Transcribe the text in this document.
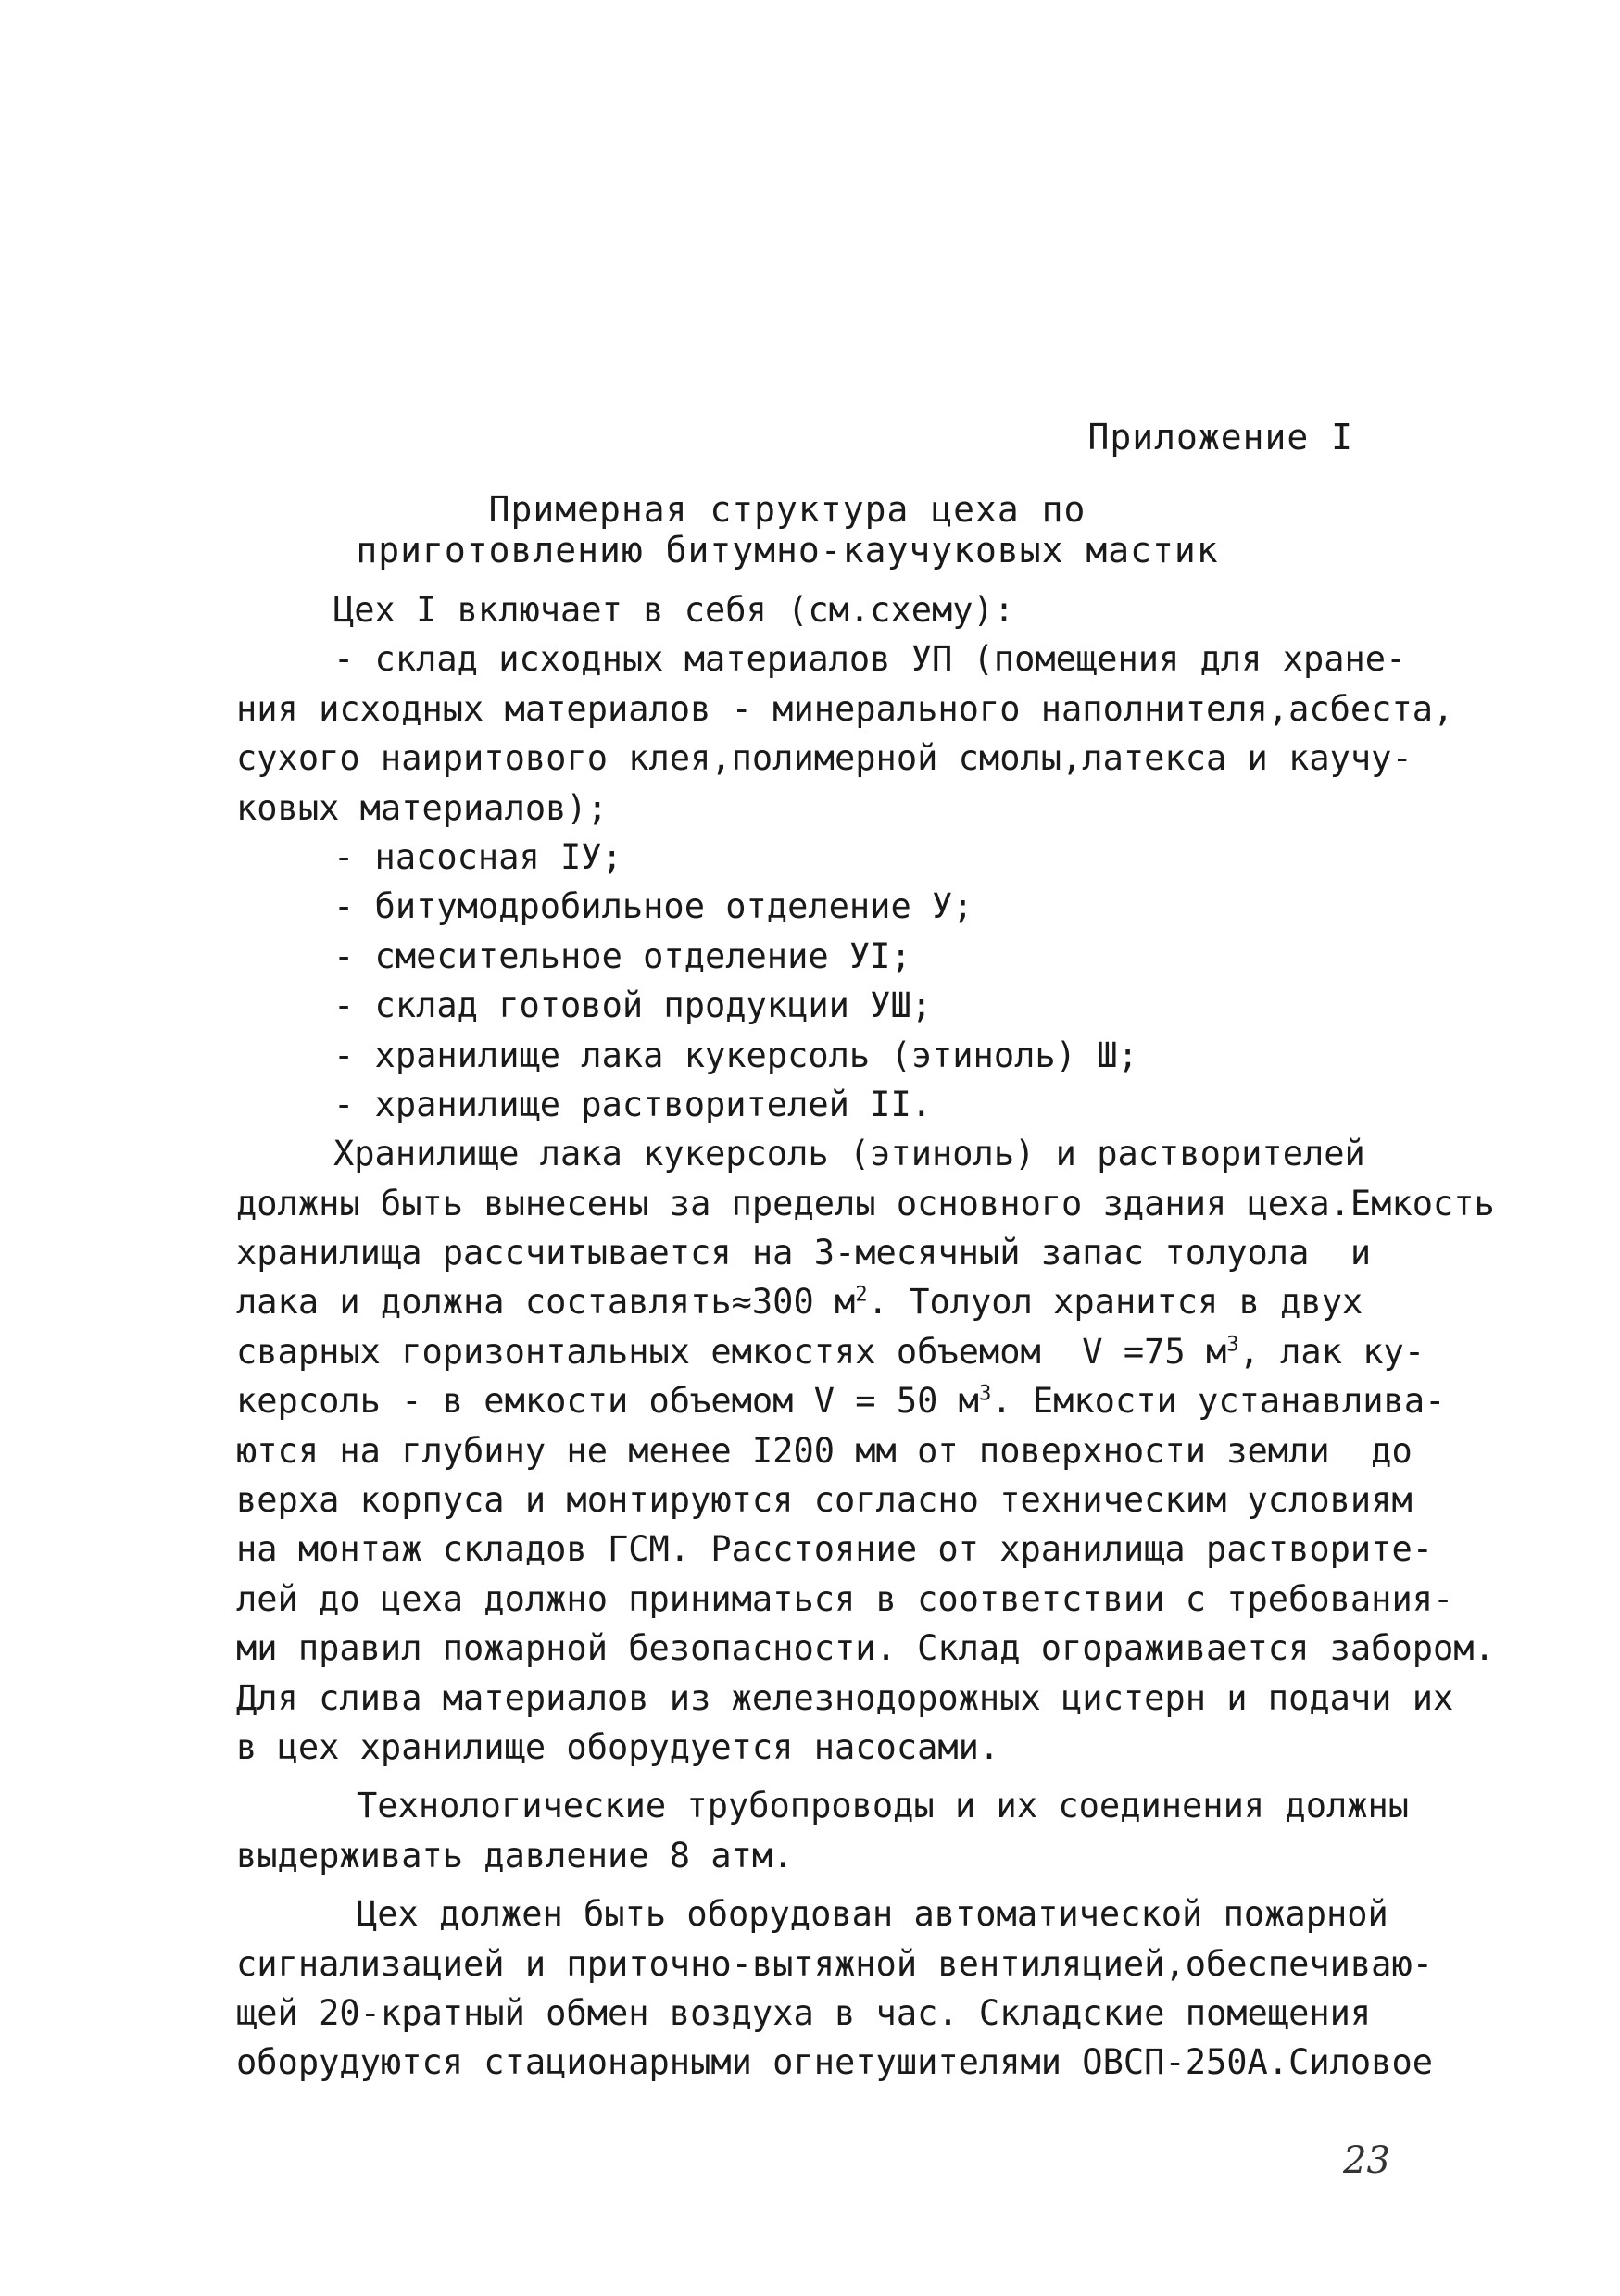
Приложение I
Примерная структура цеха по
приготовлению битумно-каучуковых мастик
Цех I включает в себя (см.схему):
- склад исходных материалов УП (помещения для хране-
ния исходных материалов - минерального наполнителя,асбеста,
сухого наиритового клея,полимерной смолы,латекса и каучу-
ковых материалов);
- насосная IУ;
- битумодробильное отделение У;
- смесительное отделение УI;
- склад готовой продукции УШ;
- хранилище лака кукерсоль (этиноль) Ш;
- хранилище растворителей II.
Хранилище лака кукерсоль (этиноль) и растворителей
должны быть вынесены за пределы основного здания цеха.Емкость
хранилища рассчитывается на 3-месячный запас толуола  и
лака и должна составлять≈300 $м^2$. Толуол хранится в двух
сварных горизонтальных емкостях объемом  V =75 $м^3$, лак ку-
керсоль - в емкости объемом V = 50 $м^3$. Емкости устанавлива-
ются на глубину не менее I200 мм от поверхности земли  до
верха корпуса и монтируются согласно техническим условиям
на монтаж складов ГСМ. Расстояние от хранилища растворите-
лей до цеха должно приниматься в соответствии с требования-
ми правил пожарной безопасности. Склад огораживается забором.
Для слива материалов из железнодорожных цистерн и подачи их
в цех хранилище оборудуется насосами.
Технологические трубопроводы и их соединения должны
выдерживать давление 8 атм.
Цех должен быть оборудован автоматической пожарной
сигнализацией и приточно-вытяжной вентиляцией,обеспечиваю-
щей 20-кратный обмен воздуха в час. Складские помещения
оборудуются стационарными огнетушителями ОВСП-250А.Силовое
23
